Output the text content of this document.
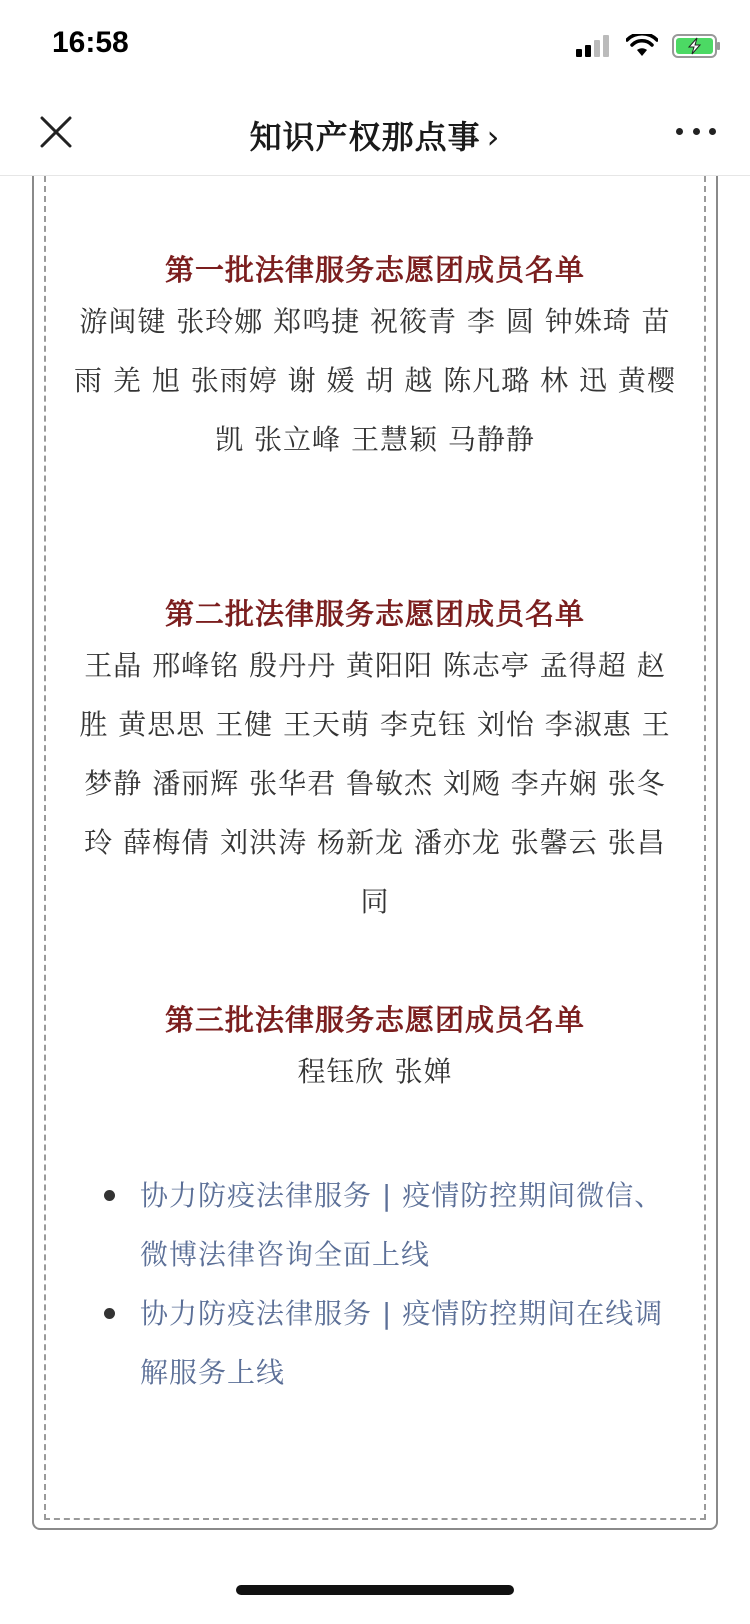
16:58
知识产权那点事 ›
第一批法律服务志愿团成员名单
游闽键 张玲娜 郑鸣捷 祝筱青 李 圆 钟姝琦 苗 雨 羌 旭 张雨婷 谢 媛 胡 越 陈凡璐 林 迅 黄樱凯 张立峰 王慧颖 马静静
第二批法律服务志愿团成员名单
王晶 邢峰铭 殷丹丹 黄阳阳 陈志亭 孟得超 赵胜 黄思思 王健 王天萌 李克钰 刘怡 李淑惠 王梦静 潘丽辉 张华君 鲁敏杰 刘飏 李卉娴 张冬玲 薛梅倩 刘洪涛 杨新龙 潘亦龙 张馨云 张昌同
第三批法律服务志愿团成员名单
程钰欣 张婵
协力防疫法律服务 | 疫情防控期间微信、微博法律咨询全面上线
协力防疫法律服务 | 疫情防控期间在线调解服务上线
